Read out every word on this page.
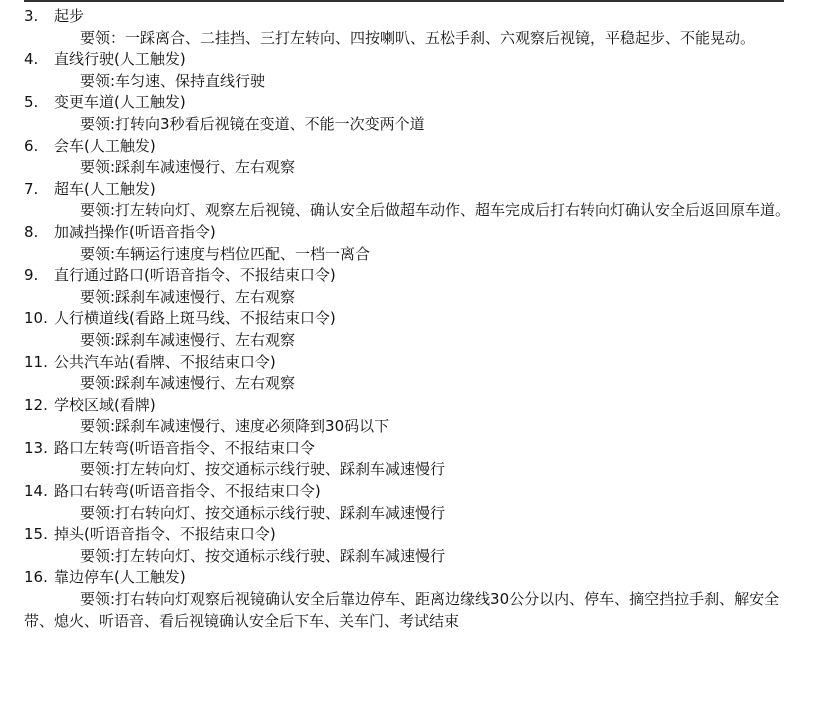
3. 起步
要领：一踩离合、二挂挡、三打左转向、四按喇叭、五松手刹、六观察后视镜，平稳起步、不能晃动。
4. 直线行驶(人工触发)
要领:车匀速、保持直线行驶
5. 变更车道(人工触发)
要领:打转向3秒看后视镜在变道、不能一次变两个道
6. 会车(人工触发)
要领:踩刹车减速慢行、左右观察
7. 超车(人工触发)
要领:打左转向灯、观察左后视镜、确认安全后做超车动作、超车完成后打右转向灯确认安全后返回原车道。
8. 加减挡操作(听语音指令)
要领:车辆运行速度与档位匹配、一档一离合
9. 直行通过路口(听语音指令、不报结束口令)
要领:踩刹车减速慢行、左右观察
10. 人行横道线(看路上斑马线、不报结束口令)
要领:踩刹车减速慢行、左右观察
11. 公共汽车站(看牌、不报结束口令)
要领:踩刹车减速慢行、左右观察
12. 学校区域(看牌)
要领:踩刹车减速慢行、速度必须降到30码以下
13. 路口左转弯(听语音指令、不报结束口令
要领:打左转向灯、按交通标示线行驶、踩刹车减速慢行
14. 路口右转弯(听语音指令、不报结束口令)
要领:打右转向灯、按交通标示线行驶、踩刹车减速慢行
15. 掉头(听语音指令、不报结束口令)
要领:打左转向灯、按交通标示线行驶、踩刹车减速慢行
16. 靠边停车(人工触发)
要领:打右转向灯观察后视镜确认安全后靠边停车、距离边缘线30公分以内、停车、摘空挡拉手刹、解安全带、熄火、听语音、看后视镜确认安全后下车、关车门、考试结束
